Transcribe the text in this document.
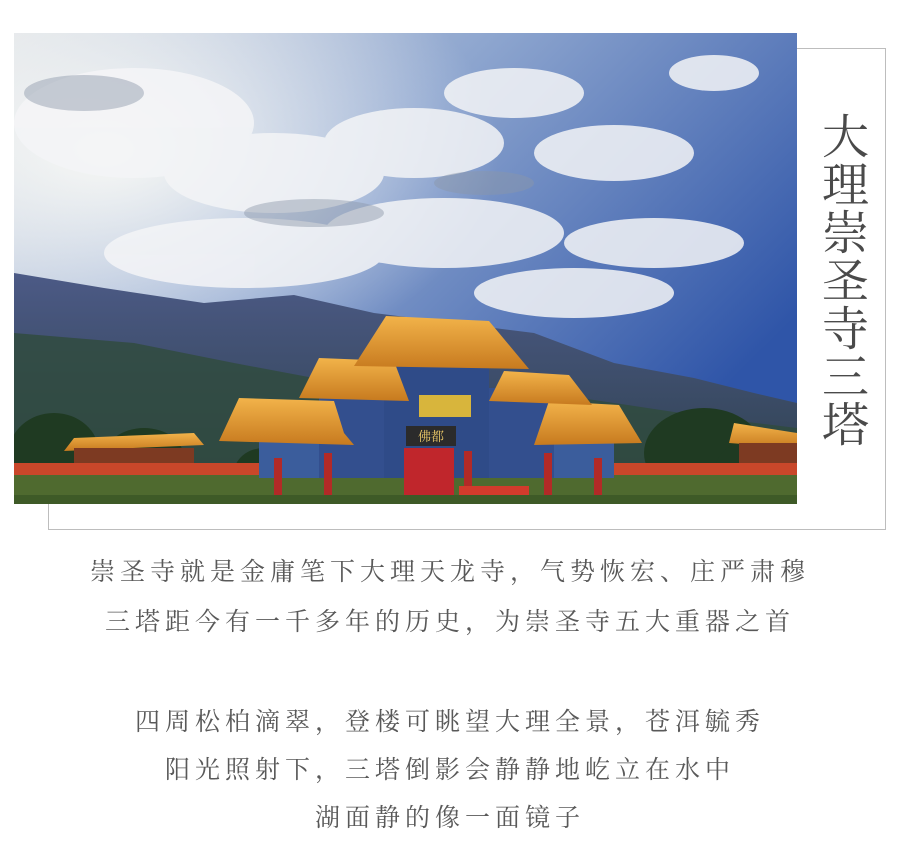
佛都	大理崇圣寺三塔
崇圣寺就是金庸笔下大理天龙寺，气势恢宏、庄严肃穆
三塔距今有一千多年的历史，为崇圣寺五大重器之首
四周松柏滴翠，登楼可眺望大理全景，苍洱毓秀
阳光照射下，三塔倒影会静静地屹立在水中
湖面静的像一面镜子
